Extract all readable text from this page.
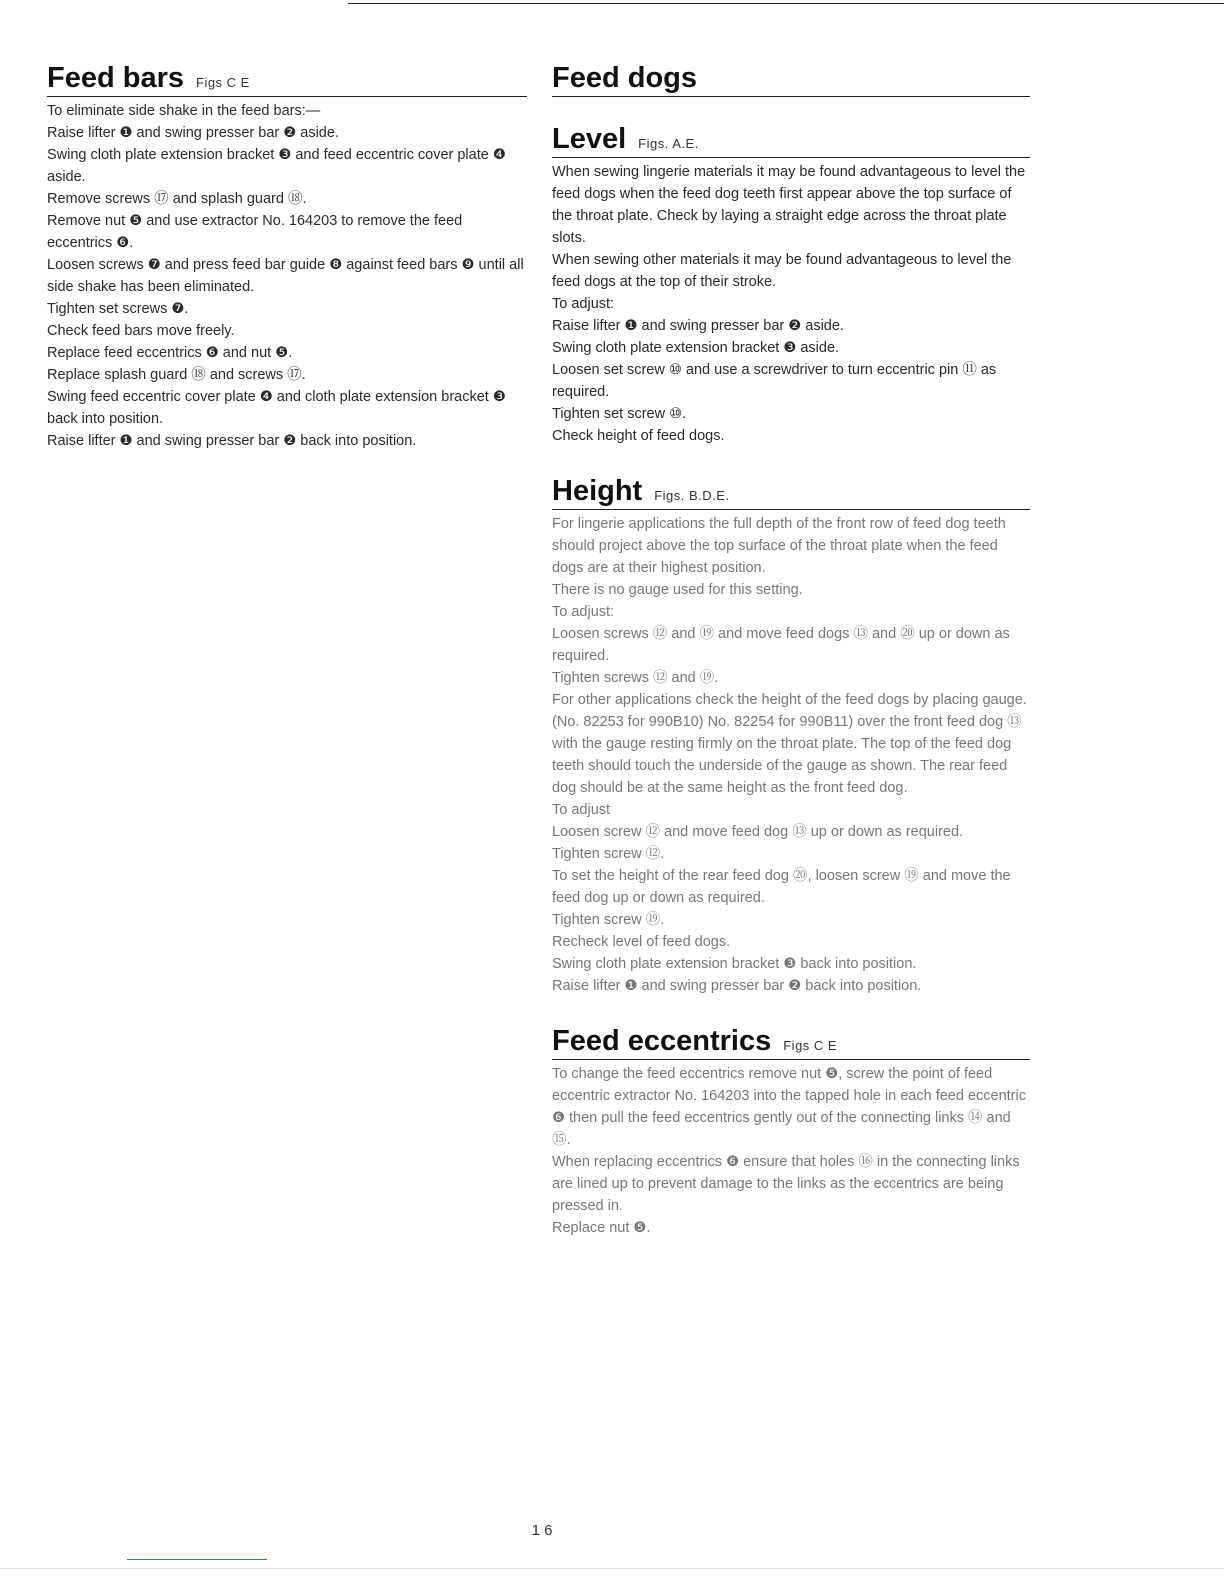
Feed bars Figs C E

To eliminate side shake in the feed bars:—

Raise lifter ❶ and swing presser bar ❷ aside.

Swing cloth plate extension bracket ❸ and feed eccentric cover plate ❹ aside.

Remove screws ⑰ and splash guard ⑱.

Remove nut ❺ and use extractor No. 164203 to remove the feed eccentrics ❻.

Loosen screws ❼ and press feed bar guide ❽ against feed bars ❾ until all side shake has been eliminated.

Tighten set screws ❼.

Check feed bars move freely.

Replace feed eccentrics ❻ and nut ❺.

Replace splash guard ⑱ and screws ⑰.

Swing feed eccentric cover plate ❹ and cloth plate extension bracket ❸ back into position.

Raise lifter ❶ and swing presser bar ❷ back into position.

Feed dogs
Level Figs. A.E.

When sewing lingerie materials it may be found advantageous to level the feed dogs when the feed dog teeth first appear above the top surface of the throat plate. Check by laying a straight edge across the throat plate slots.

When sewing other materials it may be found advantageous to level the feed dogs at the top of their stroke.

To adjust:

Raise lifter ❶ and swing presser bar ❷ aside.

Swing cloth plate extension bracket ❸ aside.

Loosen set screw ⑩ and use a screwdriver to turn eccentric pin ⑪ as required.

Tighten set screw ⑩.

Check height of feed dogs.

Height Figs. B.D.E.

For lingerie applications the full depth of the front row of feed dog teeth should project above the top surface of the throat plate when the feed dogs are at their highest position.

There is no gauge used for this setting.

To adjust:

Loosen screws ⑫ and ⑲ and move feed dogs ⑬ and ⑳ up or down as required.

Tighten screws ⑫ and ⑲.

For other applications check the height of the feed dogs by placing gauge. (No. 82253 for 990B10) No. 82254 for 990B11) over the front feed dog ⑬ with the gauge resting firmly on the throat plate. The top of the feed dog teeth should touch the underside of the gauge as shown. The rear feed dog should be at the same height as the front feed dog.

To adjust

Loosen screw ⑫ and move feed dog ⑬ up or down as required.

Tighten screw ⑫.

To set the height of the rear feed dog ⑳, loosen screw ⑲ and move the feed dog up or down as required.

Tighten screw ⑲.

Recheck level of feed dogs.

Swing cloth plate extension bracket ❸ back into position.

Raise lifter ❶ and swing presser bar ❷ back into position.

Feed eccentrics Figs C E

To change the feed eccentrics remove nut ❺, screw the point of feed eccentric extractor No. 164203 into the tapped hole in each feed eccentric ❻ then pull the feed eccentrics gently out of the connecting links ⑭ and ⑮.

When replacing eccentrics ❻ ensure that holes ⑯ in the connecting links are lined up to prevent damage to the links as the eccentrics are being pressed in.

Replace nut ❺.

1 6
